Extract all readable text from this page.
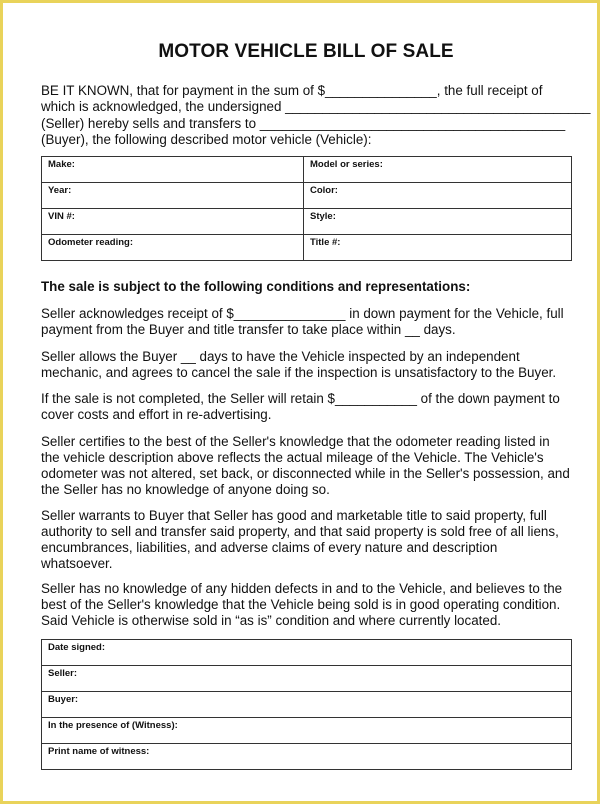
MOTOR VEHICLE BILL OF SALE
BE IT KNOWN, that for payment in the sum of $_______________, the full receipt of
which is acknowledged, the undersigned _________________________________________
(Seller) hereby sells and transfers to _________________________________________
(Buyer), the following described motor vehicle (Vehicle):
Make:	Model or series:
Year:	Color:
VIN #:	Style:
Odometer reading:	Title #:
The sale is subject to the following conditions and representations:
Seller acknowledges receipt of $_______________ in down payment for the Vehicle, full payment from the Buyer and title transfer to take place within __ days.
Seller allows the Buyer __ days to have the Vehicle inspected by an independent mechanic, and agrees to cancel the sale if the inspection is unsatisfactory to the Buyer.
If the sale is not completed, the Seller will retain $___________ of the down payment to cover costs and effort in re-advertising.
Seller certifies to the best of the Seller's knowledge that the odometer reading listed in the vehicle description above reflects the actual mileage of the Vehicle. The Vehicle's odometer was not altered, set back, or disconnected while in the Seller's possession, and the Seller has no knowledge of anyone doing so.
Seller warrants to Buyer that Seller has good and marketable title to said property, full authority to sell and transfer said property, and that said property is sold free of all liens, encumbrances, liabilities, and adverse claims of every nature and description whatsoever.
Seller has no knowledge of any hidden defects in and to the Vehicle, and believes to the best of the Seller's knowledge that the Vehicle being sold is in good operating condition. Said Vehicle is otherwise sold in “as is” condition and where currently located.
Date signed:
Seller:
Buyer:
In the presence of (Witness):
Print name of witness:
